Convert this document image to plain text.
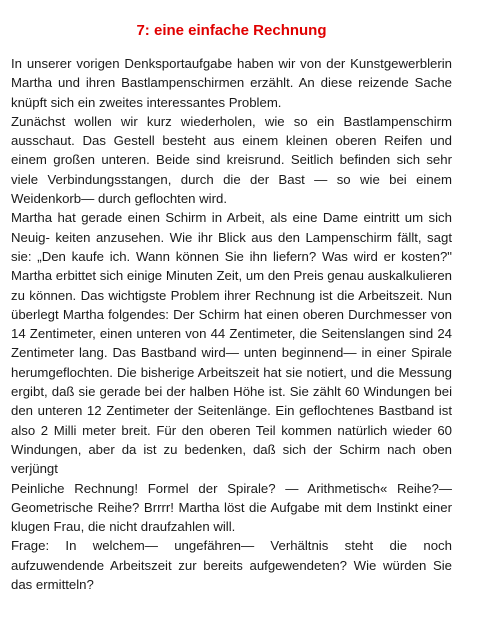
7: eine einfache Rechnung

In unserer vorigen Denksportaufgabe haben wir von der Kunstgewerblerin Martha und ihren Bastlampenschirmen erzählt. An diese reizende Sache knüpft sich ein zweites interessantes Problem.

Zunächst wollen wir kurz wiederholen, wie so ein Bastlampenschirm ausschaut. Das Gestell besteht aus einem kleinen oberen Reifen und einem großen unteren. Beide sind kreisrund. Seitlich befinden sich sehr viele Verbindungsstangen, durch die der Bast — so wie bei einem Weidenkorb— durch geflochten wird.

Martha hat gerade einen Schirm in Arbeit, als eine Dame eintritt um sich Neuig- keiten anzusehen. Wie ihr Blick aus den Lampenschirm fällt, sagt sie: „Den kaufe ich. Wann können Sie ihn liefern? Was wird er kosten?" Martha erbittet sich einige Minuten Zeit, um den Preis genau auskalkulieren zu können. Das wichtigste Problem ihrer Rechnung ist die Arbeitszeit. Nun überlegt Martha folgendes: Der Schirm hat einen oberen Durchmesser von 14 Zentimeter, einen unteren von 44 Zentimeter, die Seitenslangen sind 24 Zentimeter lang. Das Bastband wird— unten beginnend— in einer Spirale herumgeflochten. Die bisherige Arbeitszeit hat sie notiert, und die Messung ergibt, daß sie gerade bei der halben Höhe ist. Sie zählt 60 Windungen bei den unteren 12 Zentimeter der Seitenlänge. Ein geflochtenes Bastband ist also 2 Milli meter breit. Für den oberen Teil kommen natürlich wieder 60 Windungen, aber da ist zu bedenken, daß sich der Schirm nach oben verjüngt

Peinliche Rechnung! Formel der Spirale? — Arithmetisch« Reihe?— Geometrische Reihe? Brrrr! Martha löst die Aufgabe mit dem Instinkt einer klugen Frau, die nicht draufzahlen will.

Frage: In welchem— ungefähren— Verhältnis steht die noch aufzuwendende Arbeitszeit zur bereits aufgewendeten? Wie würden Sie das ermitteln?
